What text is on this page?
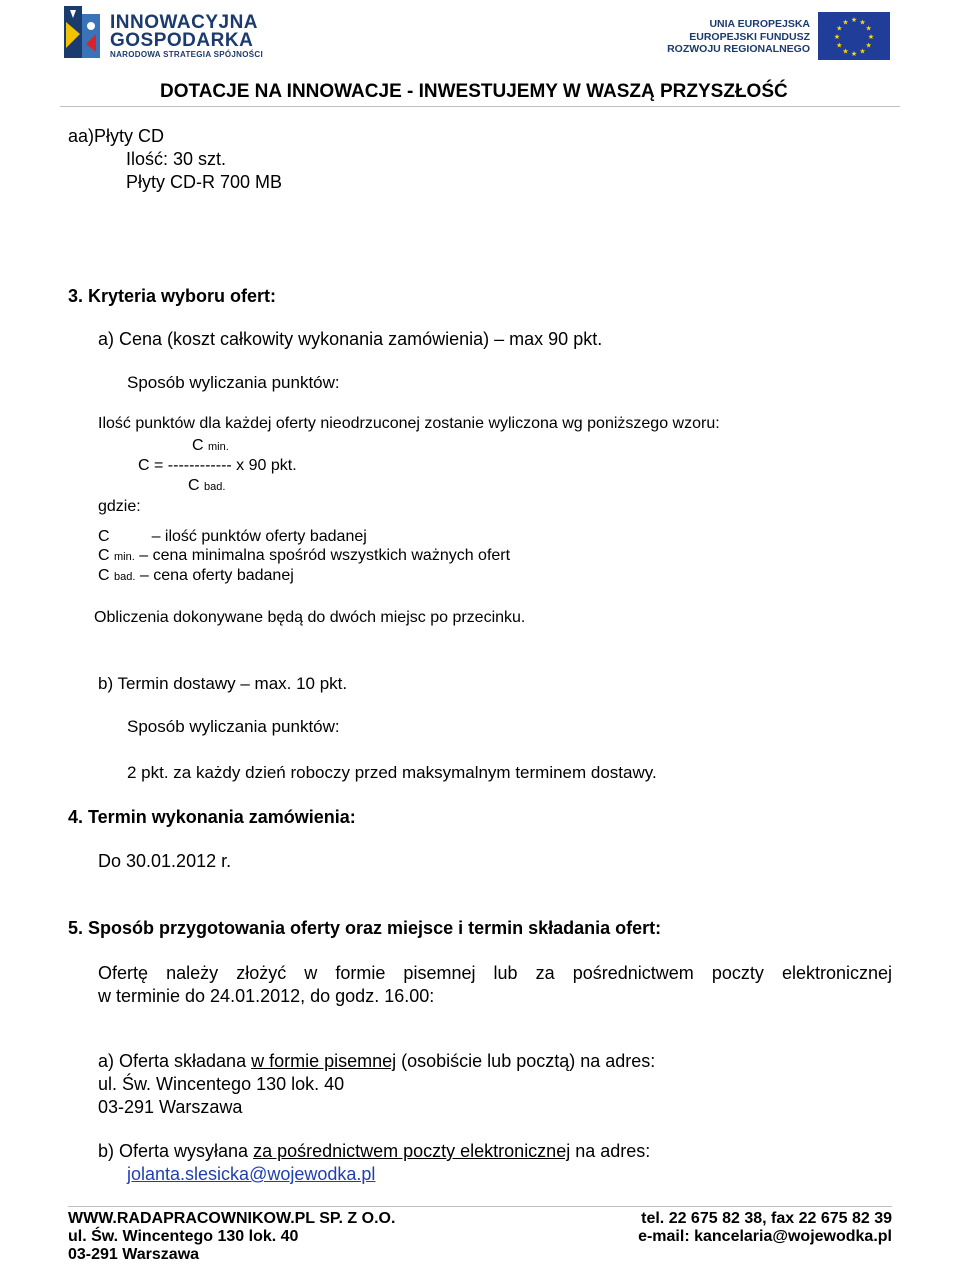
INNOWACYJNA
GOSPODARKA
NARODOWA STRATEGIA SPÓJNOŚCI
UNIA EUROPEJSKA
EUROPEJSKI FUNDUSZ
ROZWOJU REGIONALNEGO
★ ★
★
★
★
★
★
★
★
★
★
★
DOTACJE NA INNOWACJE - INWESTUJEMY W WASZĄ PRZYSZŁOŚĆ
aa)Płyty CD
Ilość: 30 szt.
Płyty CD-R 700 MB
3. Kryteria wyboru ofert:
a) Cena (koszt całkowity wykonania zamówienia) – max 90 pkt.
Sposób wyliczania punktów:
Ilość punktów dla każdej oferty nieodrzuconej zostanie wyliczona wg poniższego wzoru:
C min.
C = ------------ x 90 pkt.
C bad.
gdzie:
C	– ilość punktów oferty badanej
C min. – cena minimalna spośród wszystkich ważnych ofert
C bad. – cena oferty badanej
Obliczenia dokonywane będą do dwóch miejsc po przecinku.
b) Termin dostawy – max. 10 pkt.
Sposób wyliczania punktów:
2 pkt. za każdy dzień roboczy przed maksymalnym terminem dostawy.
4. Termin wykonania zamówienia:
Do 30.01.2012 r.
5. Sposób przygotowania oferty oraz miejsce i termin składania ofert:
Ofertę należy złożyć w formie pisemnej lub za pośrednictwem poczty elektronicznej
w terminie do 24.01.2012, do godz. 16.00:
a) Oferta składana w formie pisemnej (osobiście lub pocztą) na adres:
ul. Św. Wincentego 130 lok. 40
03-291 Warszawa
b) Oferta wysyłana za pośrednictwem poczty elektronicznej na adres:
jolanta.slesicka@wojewodka.pl
WWW.RADAPRACOWNIKOW.PL SP. Z O.O.
ul. Św. Wincentego 130 lok. 40
03-291 Warszawa
tel. 22 675 82 38, fax 22 675 82 39
e-mail: kancelaria@wojewodka.pl
